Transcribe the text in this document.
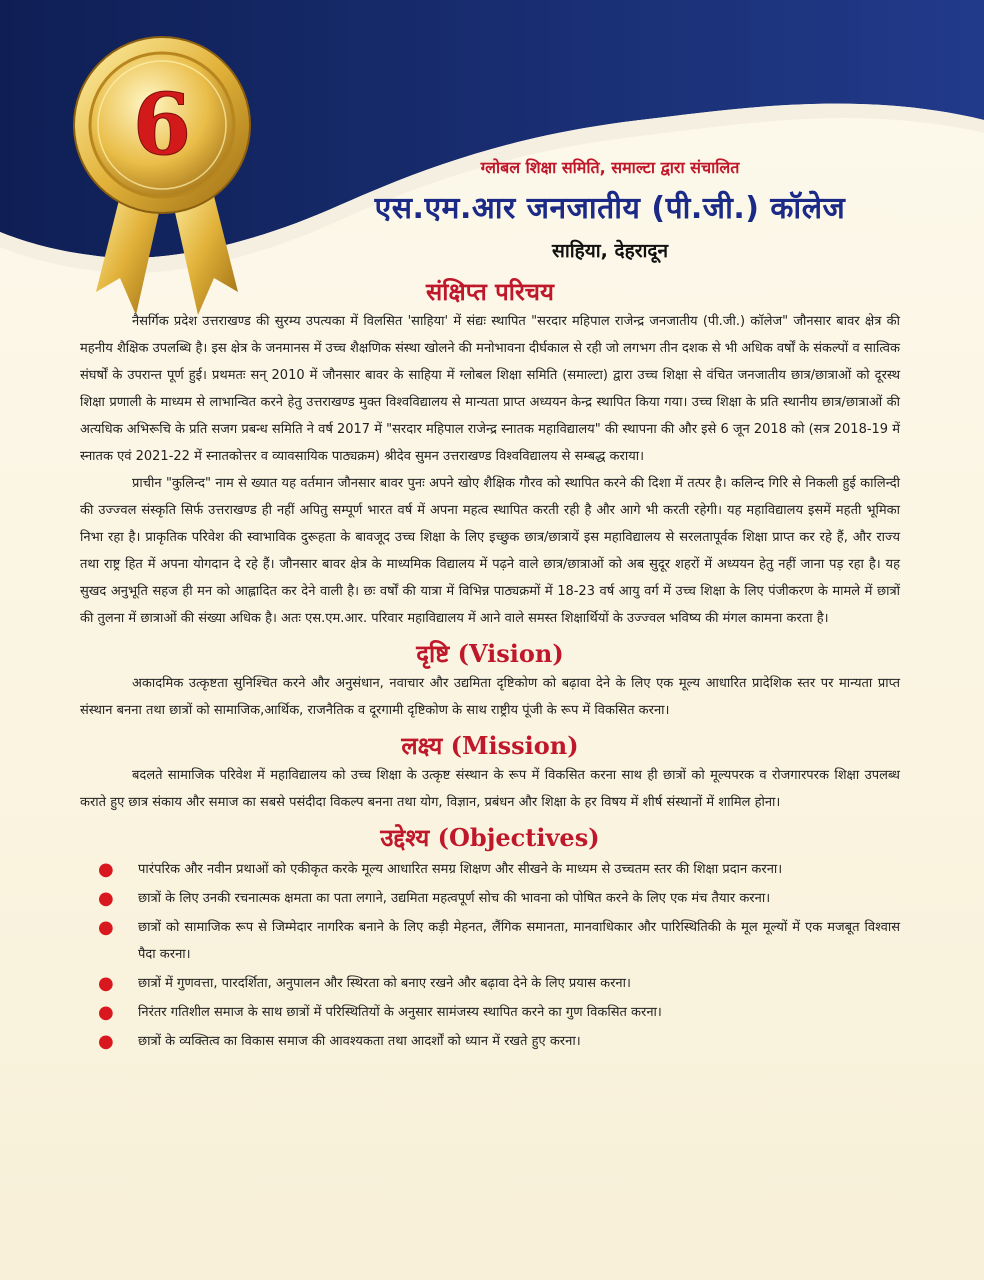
6	ग्लोबल शिक्षा समिति, समाल्टा द्वारा संचालित
एस.एम.आर जनजातीय (पी.जी.) कॉलेज
साहिया, देहरादून
संक्षिप्त परिचय

नैसर्गिक प्रदेश उत्तराखण्ड की सुरम्य उपत्यका में विलसित 'साहिया' में संद्यः स्थापित "सरदार महिपाल राजेन्द्र जनजातीय (पी.जी.) कॉलेज" जौनसार बावर क्षेत्र की महनीय शैक्षिक उपलब्धि है। इस क्षेत्र के जनमानस में उच्च शैक्षणिक संस्था खोलने की मनोभावना दीर्घकाल से रही जो लगभग तीन दशक से भी अधिक वर्षों के संकल्पों व सात्विक संघर्षों के उपरान्त पूर्ण हुई। प्रथमतः सन् 2010 में जौनसार बावर के साहिया में ग्लोबल शिक्षा समिति (समाल्टा) द्वारा उच्च शिक्षा से वंचित जनजातीय छात्र/छात्राओं को दूरस्थ शिक्षा प्रणाली के माध्यम से लाभान्वित करने हेतु उत्तराखण्ड मुक्त विश्वविद्यालय से मान्यता प्राप्त अध्ययन केन्द्र स्थापित किया गया। उच्च शिक्षा के प्रति स्थानीय छात्र/छात्राओं की अत्यधिक अभिरूचि के प्रति सजग प्रबन्ध समिति ने वर्ष 2017 में "सरदार महिपाल राजेन्द्र स्नातक महाविद्यालय" की स्थापना की और इसे 6 जून 2018 को (सत्र 2018-19 में स्नातक एवं 2021-22 में स्नातकोत्तर व व्यावसायिक पाठ्यक्रम) श्रीदेव सुमन उत्तराखण्ड विश्वविद्यालय से सम्बद्ध कराया।

प्राचीन "कुलिन्द" नाम से ख्यात यह वर्तमान जौनसार बावर पुनः अपने खोए शैक्षिक गौरव को स्थापित करने की दिशा में तत्पर है। कलिन्द गिरि से निकली हुई कालिन्दी की उज्ज्वल संस्कृति सिर्फ उत्तराखण्ड ही नहीं अपितु सम्पूर्ण भारत वर्ष में अपना महत्व स्थापित करती रही है और आगे भी करती रहेगी। यह महाविद्यालय इसमें महती भूमिका निभा रहा है। प्राकृतिक परिवेश की स्वाभाविक दुरूहता के बावजूद उच्च शिक्षा के लिए इच्छुक छात्र/छात्रायें इस महाविद्यालय से सरलतापूर्वक शिक्षा प्राप्त कर रहे हैं, और राज्य तथा राष्ट्र हित में अपना योगदान दे रहे हैं। जौनसार बावर क्षेत्र के माध्यमिक विद्यालय में पढ़ने वाले छात्र/छात्राओं को अब सुदूर शहरों में अध्ययन हेतु नहीं जाना पड़ रहा है। यह सुखद अनुभूति सहज ही मन को आह्लादित कर देने वाली है। छः वर्षों की यात्रा में विभिन्न पाठ्यक्रमों में 18-23 वर्ष आयु वर्ग में उच्च शिक्षा के लिए पंजीकरण के मामले में छात्रों की तुलना में छात्राओं की संख्या अधिक है। अतः एस.एम.आर. परिवार महाविद्यालय में आने वाले समस्त शिक्षार्थियों के उज्ज्वल भविष्य की मंगल कामना करता है।

दृष्टि (Vision)

अकादमिक उत्कृष्टता सुनिश्चित करने और अनुसंधान, नवाचार और उद्यमिता दृष्टिकोण को बढ़ावा देने के लिए एक मूल्य आधारित प्रादेशिक स्तर पर मान्यता प्राप्त संस्थान बनना तथा छात्रों को सामाजिक,आर्थिक, राजनैतिक व दूरगामी दृष्टिकोण के साथ राष्ट्रीय पूंजी के रूप में विकसित करना।

लक्ष्य (Mission)

बदलते सामाजिक परिवेश में महाविद्यालय को उच्च शिक्षा के उत्कृष्ट संस्थान के रूप में विकसित करना साथ ही छात्रों को मूल्यपरक व रोजगारपरक शिक्षा उपलब्ध कराते हुए छात्र संकाय और समाज का सबसे पसंदीदा विकल्प बनना तथा योग, विज्ञान, प्रबंधन और शिक्षा के हर विषय में शीर्ष संस्थानों में शामिल होना।

उद्देश्य (Objectives)
● पारंपरिक और नवीन प्रथाओं को एकीकृत करके मूल्य आधारित समग्र शिक्षण और सीखने के माध्यम से उच्चतम स्तर की शिक्षा प्रदान करना।
● छात्रों के लिए उनकी रचनात्मक क्षमता का पता लगाने, उद्यमिता महत्वपूर्ण सोच की भावना को पोषित करने के लिए एक मंच तैयार करना।
● छात्रों को सामाजिक रूप से जिम्मेदार नागरिक बनाने के लिए कड़ी मेहनत, लैंगिक समानता, मानवाधिकार और पारिस्थितिकी के मूल मूल्यों में एक मजबूत विश्वास पैदा करना।
● छात्रों में गुणवत्ता, पारदर्शिता, अनुपालन और स्थिरता को बनाए रखने और बढ़ावा देने के लिए प्रयास करना।
● निरंतर गतिशील समाज के साथ छात्रों में परिस्थितियों के अनुसार सामंजस्य स्थापित करने का गुण विकसित करना।
● छात्रों के व्यक्तित्व का विकास समाज की आवश्यकता तथा आदर्शों को ध्यान में रखते हुए करना।
